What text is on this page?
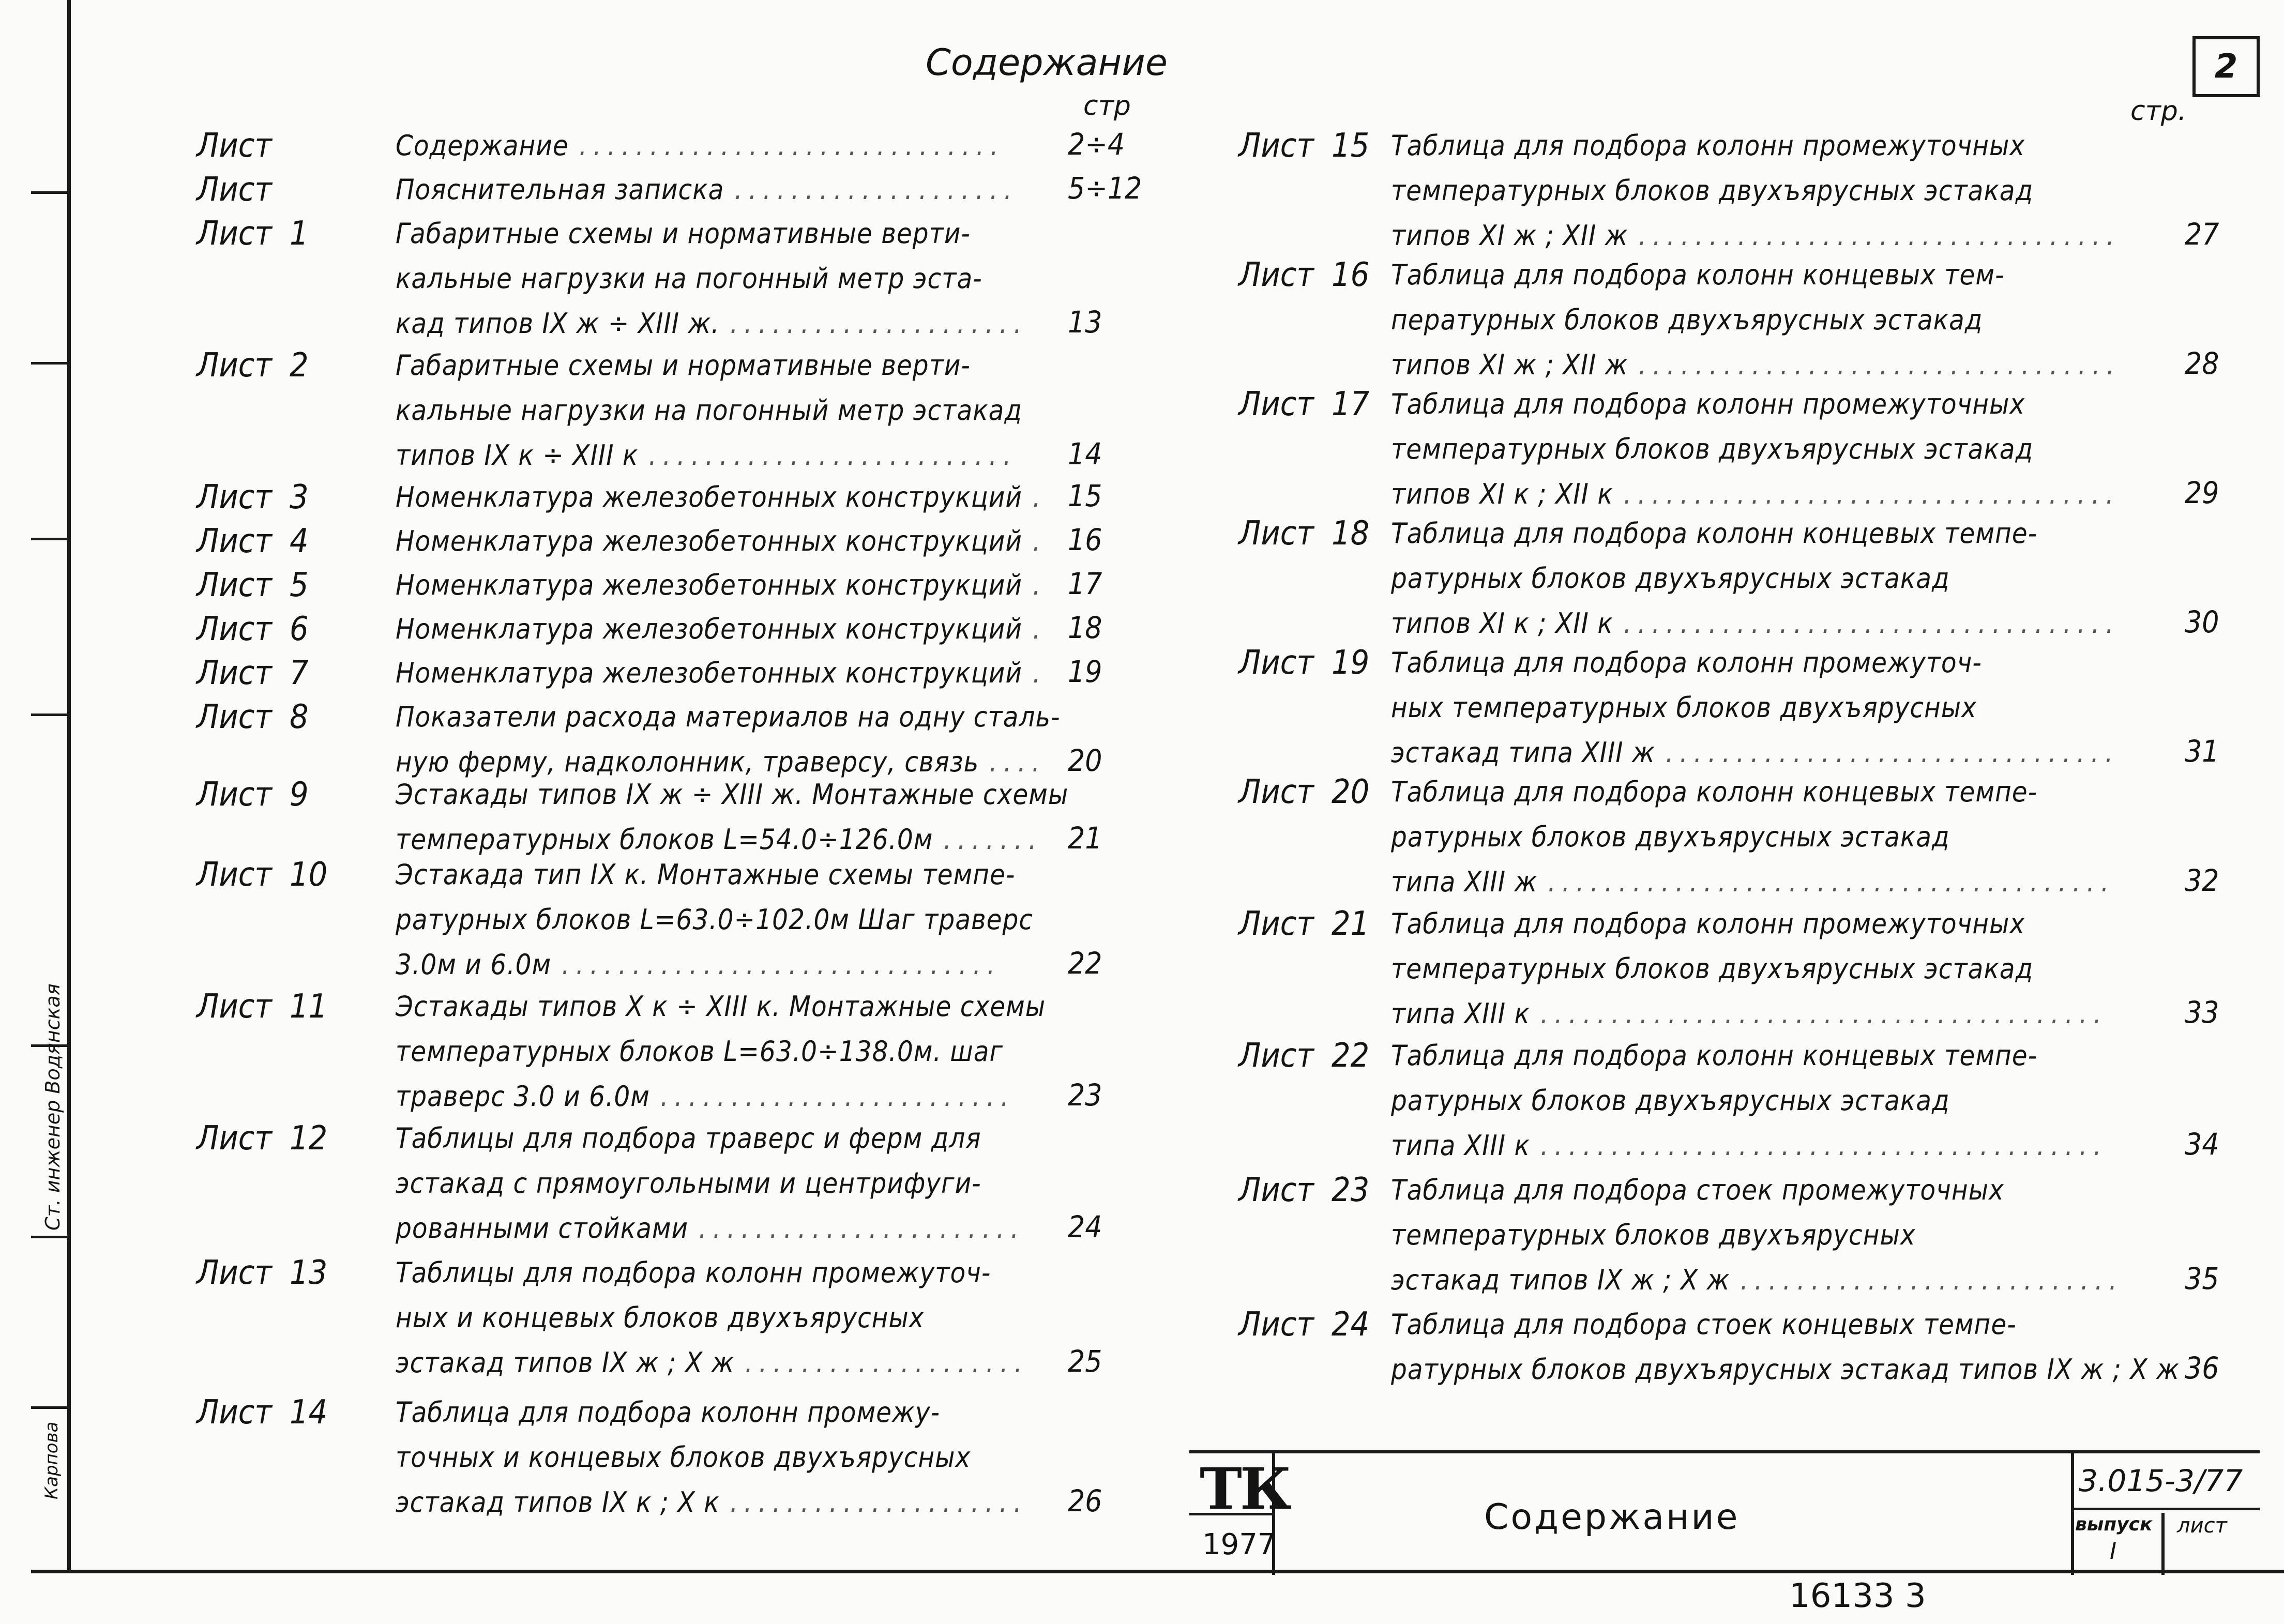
Ст. инженер Водянская
Карпова
Содержание	2
стр	стр.
Лист	Содержание	2÷4
..............................
Лист	Пояснительная записка	5÷12
....................
Лист 1	Габаритные схемы и нормативные верти-
кальные нагрузки на погонный метр эста-
кад типов IX ж ÷ XIII ж.	13
.....................
Лист 2	Габаритные схемы и нормативные верти-
кальные нагрузки на погонный метр эстакад
типов IX к ÷ XIII к	14
..........................
Лист 3	Номенклатура железобетонных конструкций 15
.
Лист 4	Номенклатура железобетонных конструкций 16
.
Лист 5	Номенклатура железобетонных конструкций 17
.
Лист 6	Номенклатура железобетонных конструкций 18
.
Лист 7	Номенклатура железобетонных конструкций 19
.
Лист 8	Показатели расхода материалов на одну сталь-
ную ферму, надколонник, траверсу, связь	20
....
Лист 9	Эстакады типов IX ж ÷ XIII ж. Монтажные схемы
температурных блоков L=54.0÷126.0м	21
.......
Лист 10 Эстакада тип IX к. Монтажные схемы темпе-
ратурных блоков L=63.0÷102.0м Шаг траверс
3.0м и 6.0м	22
...............................
Лист 11 Эстакады типов X к ÷ XIII к. Монтажные схемы
температурных блоков L=63.0÷138.0м. шаг
траверс 3.0 и 6.0м	23
.........................
Лист 12 Таблицы для подбора траверс и ферм для
эстакад с прямоугольными и центрифуги-
рованными стойками	24
.......................
Лист 13 Таблицы для подбора колонн промежуточ-
ных и концевых блоков двухъярусных
эстакад типов IX ж ; X ж	25
....................
Лист 14 Таблица для подбора колонн промежу-
точных и концевых блоков двухъярусных
эстакад типов IX к ; X к	26
.....................
Лист 15 Таблица для подбора колонн промежуточных
температурных блоков двухъярусных эстакад
типов XI ж ; XII ж	27
..................................
Лист 16 Таблица для подбора колонн концевых тем-
пературных блоков двухъярусных эстакад
типов XI ж ; XII ж	28
..................................
Лист 17 Таблица для подбора колонн промежуточных
температурных блоков двухъярусных эстакад
типов XI к ; XII к	29
...................................
Лист 18 Таблица для подбора колонн концевых темпе-
ратурных блоков двухъярусных эстакад
типов XI к ; XII к	30
...................................
Лист 19 Таблица для подбора колонн промежуточ-
ных температурных блоков двухъярусных
эстакад типа XIII ж	31
................................
Лист 20 Таблица для подбора колонн концевых темпе-
ратурных блоков двухъярусных эстакад
типа XIII ж	32
........................................
Лист 21 Таблица для подбора колонн промежуточных
температурных блоков двухъярусных эстакад
типа XIII к	33
........................................
Лист 22 Таблица для подбора колонн концевых темпе-
ратурных блоков двухъярусных эстакад
типа XIII к	34
........................................
Лист 23 Таблица для подбора стоек промежуточных
температурных блоков двухъярусных
эстакад типов IX ж ; X ж	35
...........................
Лист 24 Таблица для подбора стоек концевых темпе-
ратурных блоков двухъярусных эстакад типов IX ж ; X ж 36
ТК
1977
Содержание
3.015-3/77
выпуск
I
лист
16133 3
